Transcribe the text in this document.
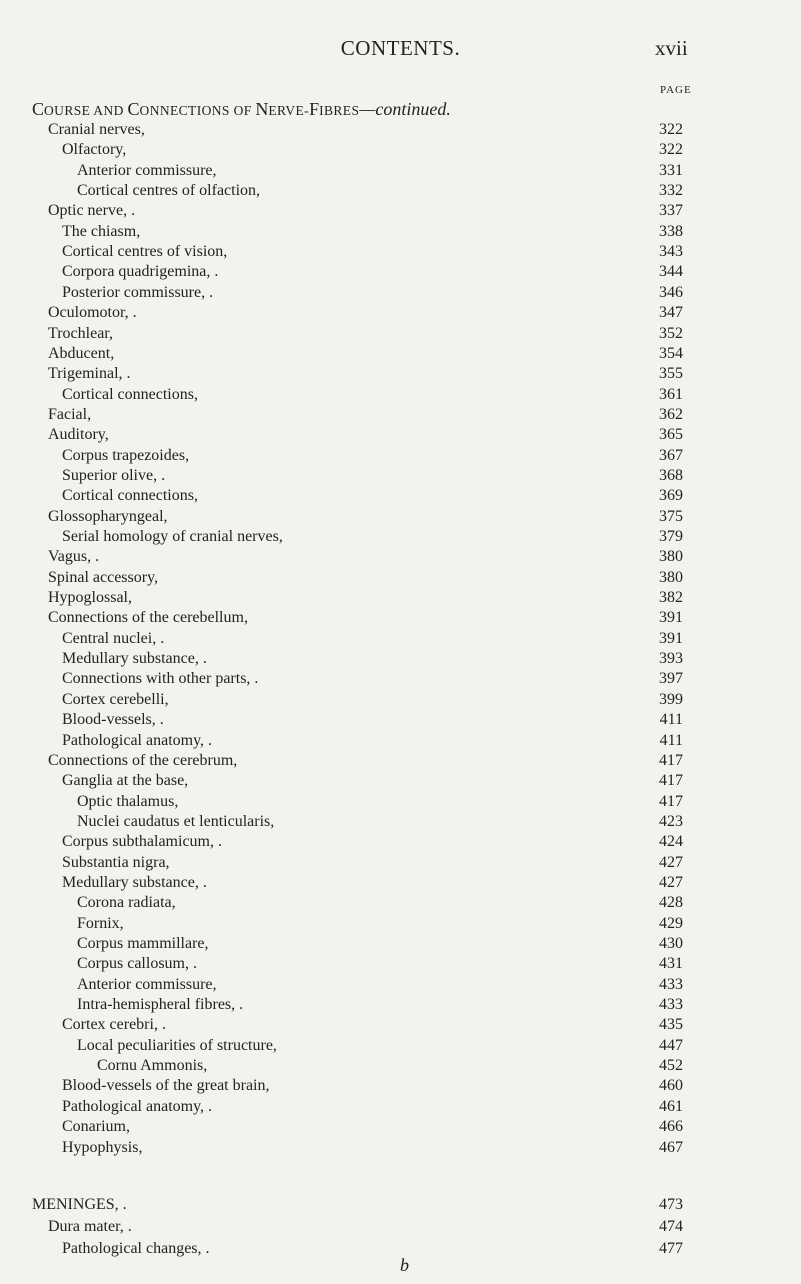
CONTENTS.	xvii
PAGE
COURSE AND CONNECTIONS OF NERVE-FIBRES—continued.
Cranial nerves,	322
Olfactory,	322
Anterior commissure,	331
Cortical centres of olfaction,	332
Optic nerve, .	337
The chiasm,	338
Cortical centres of vision,	343
Corpora quadrigemina, .	344
Posterior commissure, .	346
Oculomotor, .	347
Trochlear,	352
Abducent,	354
Trigeminal, .	355
Cortical connections,	361
Facial,	362
Auditory,	365
Corpus trapezoides,	367
Superior olive, .	368
Cortical connections,	369
Glossopharyngeal,	375
Serial homology of cranial nerves,	379
Vagus, .	380
Spinal accessory,	380
Hypoglossal,	382
Connections of the cerebellum,	391
Central nuclei, .	391
Medullary substance, .	393
Connections with other parts, .	397
Cortex cerebelli,	399
Blood-vessels, .	411
Pathological anatomy, .	411
Connections of the cerebrum,	417
Ganglia at the base,	417
Optic thalamus,	417
Nuclei caudatus et lenticularis,	423
Corpus subthalamicum, .	424
Substantia nigra,	427
Medullary substance, .	427
Corona radiata,	428
Fornix,	429
Corpus mammillare,	430
Corpus callosum, .	431
Anterior commissure,	433
Intra-hemispheral fibres, .	433
Cortex cerebri, .	435
Local peculiarities of structure,	447
Cornu Ammonis,	452
Blood-vessels of the great brain,	460
Pathological anatomy, .	461
Conarium,	466
Hypophysis,	467
MENINGES, .	473
Dura mater, .	474
Pathological changes, .	477
b
